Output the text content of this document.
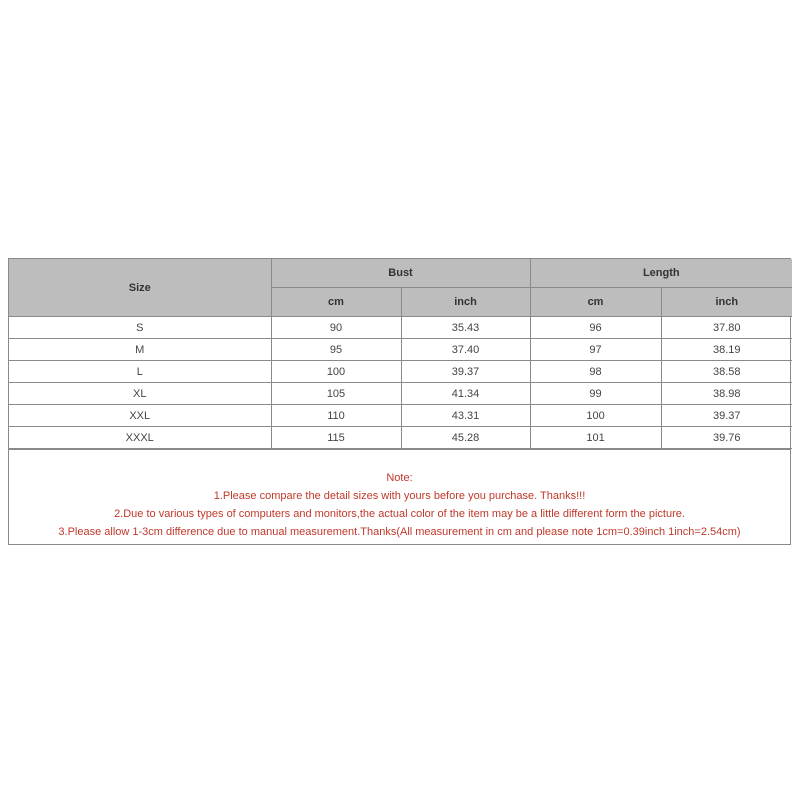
Size	Bust		Length	
	cm	inch	cm	inch
S	90	35.43	96	37.80
M	95	37.40	97	38.19
L	100	39.37	98	38.58
XL	105	41.34	99	38.98
XXL	110	43.31	100	39.37
XXXL	115	45.28	101	39.76
Note:
1.Please compare the detail sizes with yours before you purchase. Thanks!!!
2.Due to various types of computers and monitors,the actual color of the item may be a little different form the picture.
3.Please allow 1-3cm difference due to manual measurement.Thanks(All measurement in cm and please note 1cm=0.39inch 1inch=2.54cm)
